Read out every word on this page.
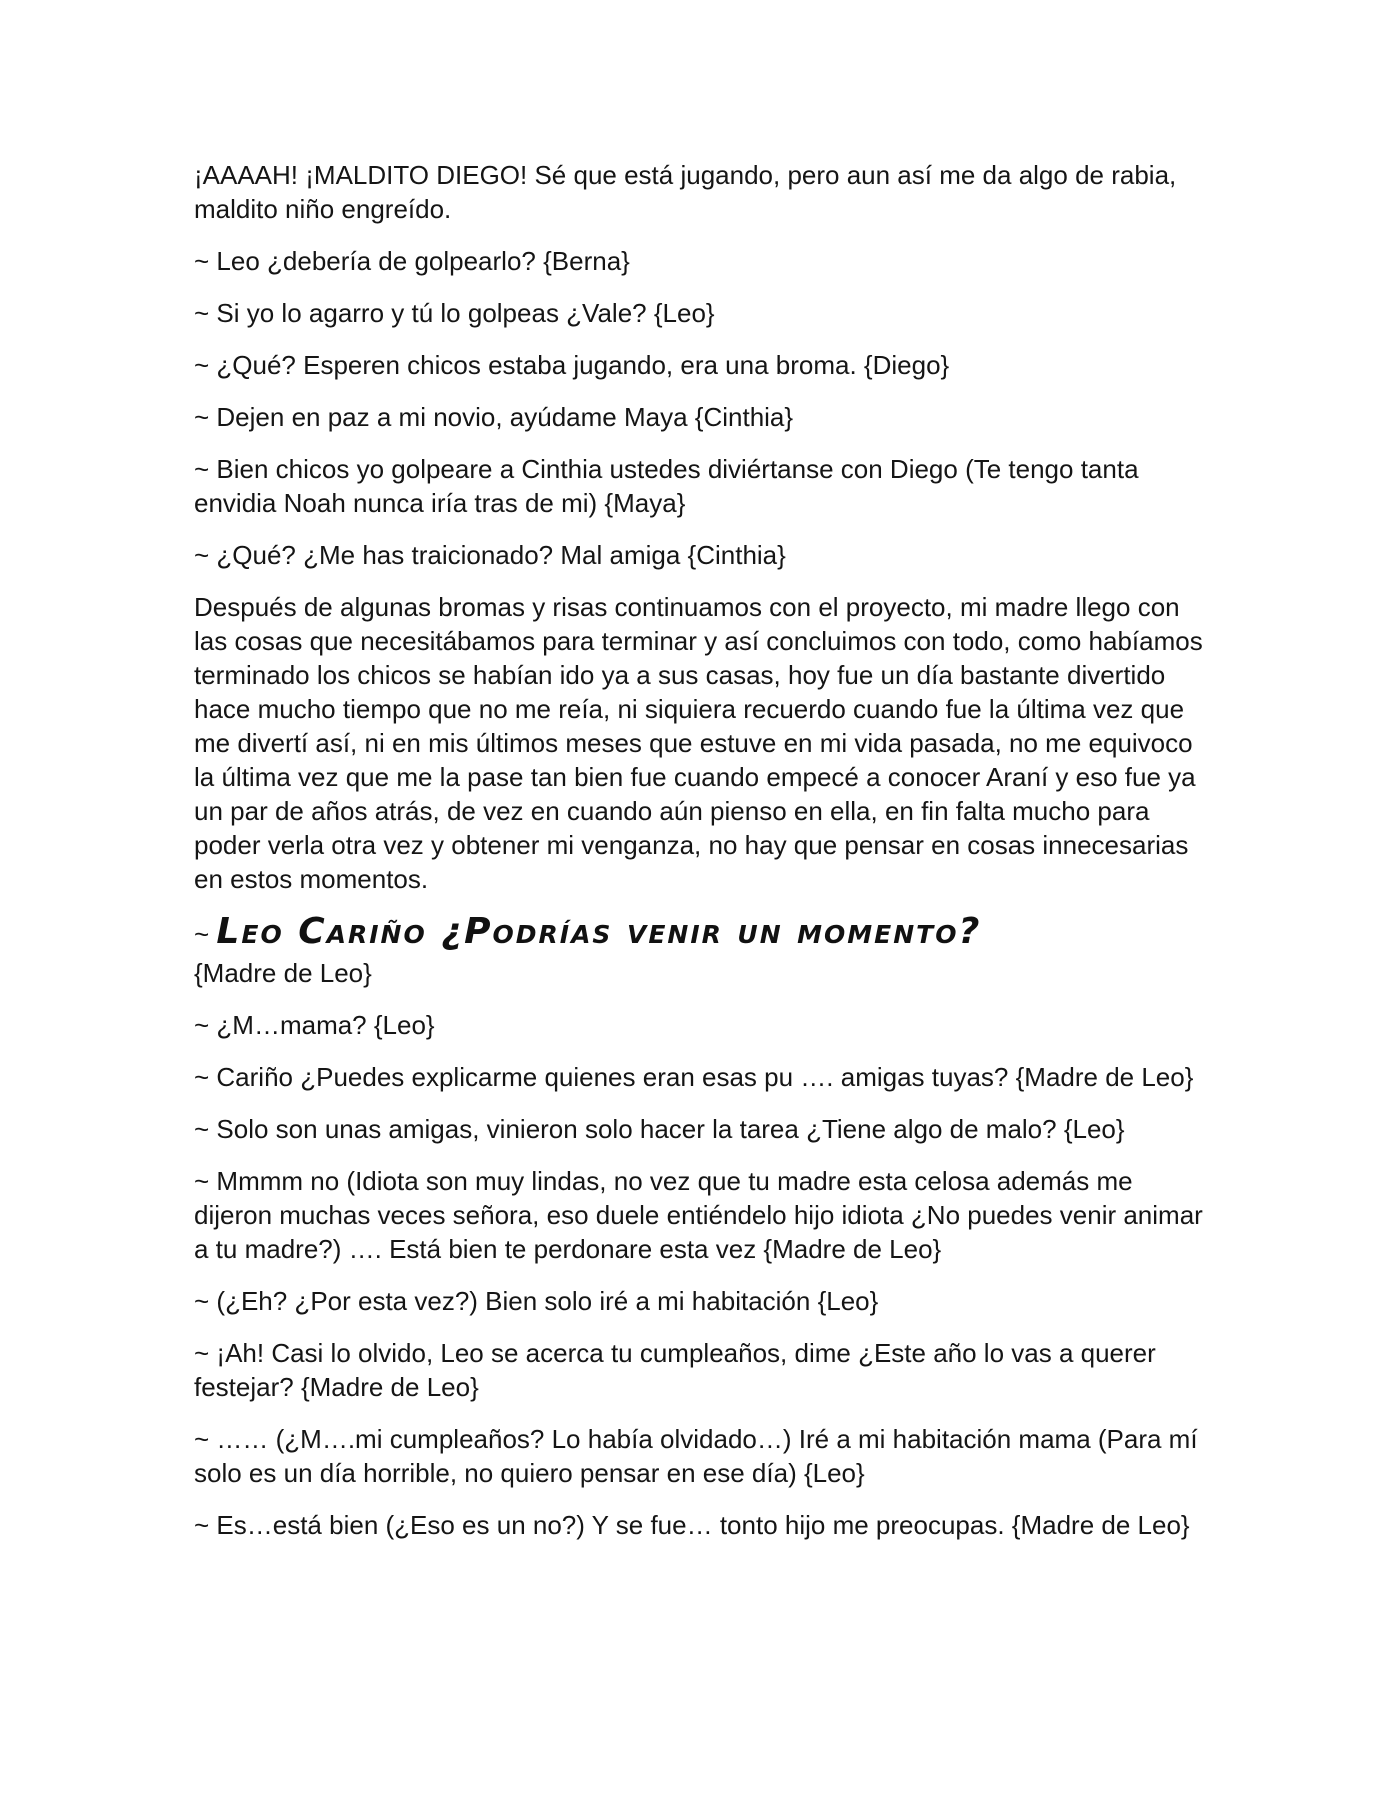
¡AAAAH! ¡MALDITO DIEGO! Sé que está jugando, pero aun así me da algo de rabia, maldito niño engreído.

~ Leo ¿debería de golpearlo? {Berna}

~ Si yo lo agarro y tú lo golpeas ¿Vale? {Leo}

~ ¿Qué? Esperen chicos estaba jugando, era una broma. {Diego}

~ Dejen en paz a mi novio, ayúdame Maya {Cinthia}

~ Bien chicos yo golpeare a Cinthia ustedes diviértanse con Diego (Te tengo tanta envidia Noah nunca iría tras de mi) {Maya}

~ ¿Qué? ¿Me has traicionado? Mal amiga {Cinthia}

Después de algunas bromas y risas continuamos con el proyecto, mi madre llego con las cosas que necesitábamos para terminar y así concluimos con todo, como habíamos terminado los chicos se habían ido ya a sus casas, hoy fue un día bastante divertido hace mucho tiempo que no me reía, ni siquiera recuerdo cuando fue la última vez que me divertí así, ni en mis últimos meses que estuve en mi vida pasada, no me equivoco la última vez que me la pase tan bien fue cuando empecé a conocer Araní y eso fue ya un par de años atrás, de vez en cuando aún pienso en ella, en fin falta mucho para poder verla otra vez y obtener mi venganza, no hay que pensar en cosas innecesarias en estos momentos.

~ Leo Cariño ¿Podrías venir un momento?

{Madre de Leo}

~ ¿M…mama? {Leo}

~ Cariño ¿Puedes explicarme quienes eran esas pu …. amigas tuyas? {Madre de Leo}

~ Solo son unas amigas, vinieron solo hacer la tarea ¿Tiene algo de malo? {Leo}

~ Mmmm no (Idiota son muy lindas, no vez que tu madre esta celosa además me dijeron muchas veces señora, eso duele entiéndelo hijo idiota ¿No puedes venir animar a tu madre?) …. Está bien te perdonare esta vez {Madre de Leo}

~ (¿Eh? ¿Por esta vez?) Bien solo iré a mi habitación {Leo}

~ ¡Ah! Casi lo olvido, Leo se acerca tu cumpleaños, dime ¿Este año lo vas a querer festejar? {Madre de Leo}

~ …… (¿M….mi cumpleaños? Lo había olvidado…) Iré a mi habitación mama (Para mí solo es un día horrible, no quiero pensar en ese día) {Leo}

~ Es…está bien (¿Eso es un no?) Y se fue… tonto hijo me preocupas. {Madre de Leo}
